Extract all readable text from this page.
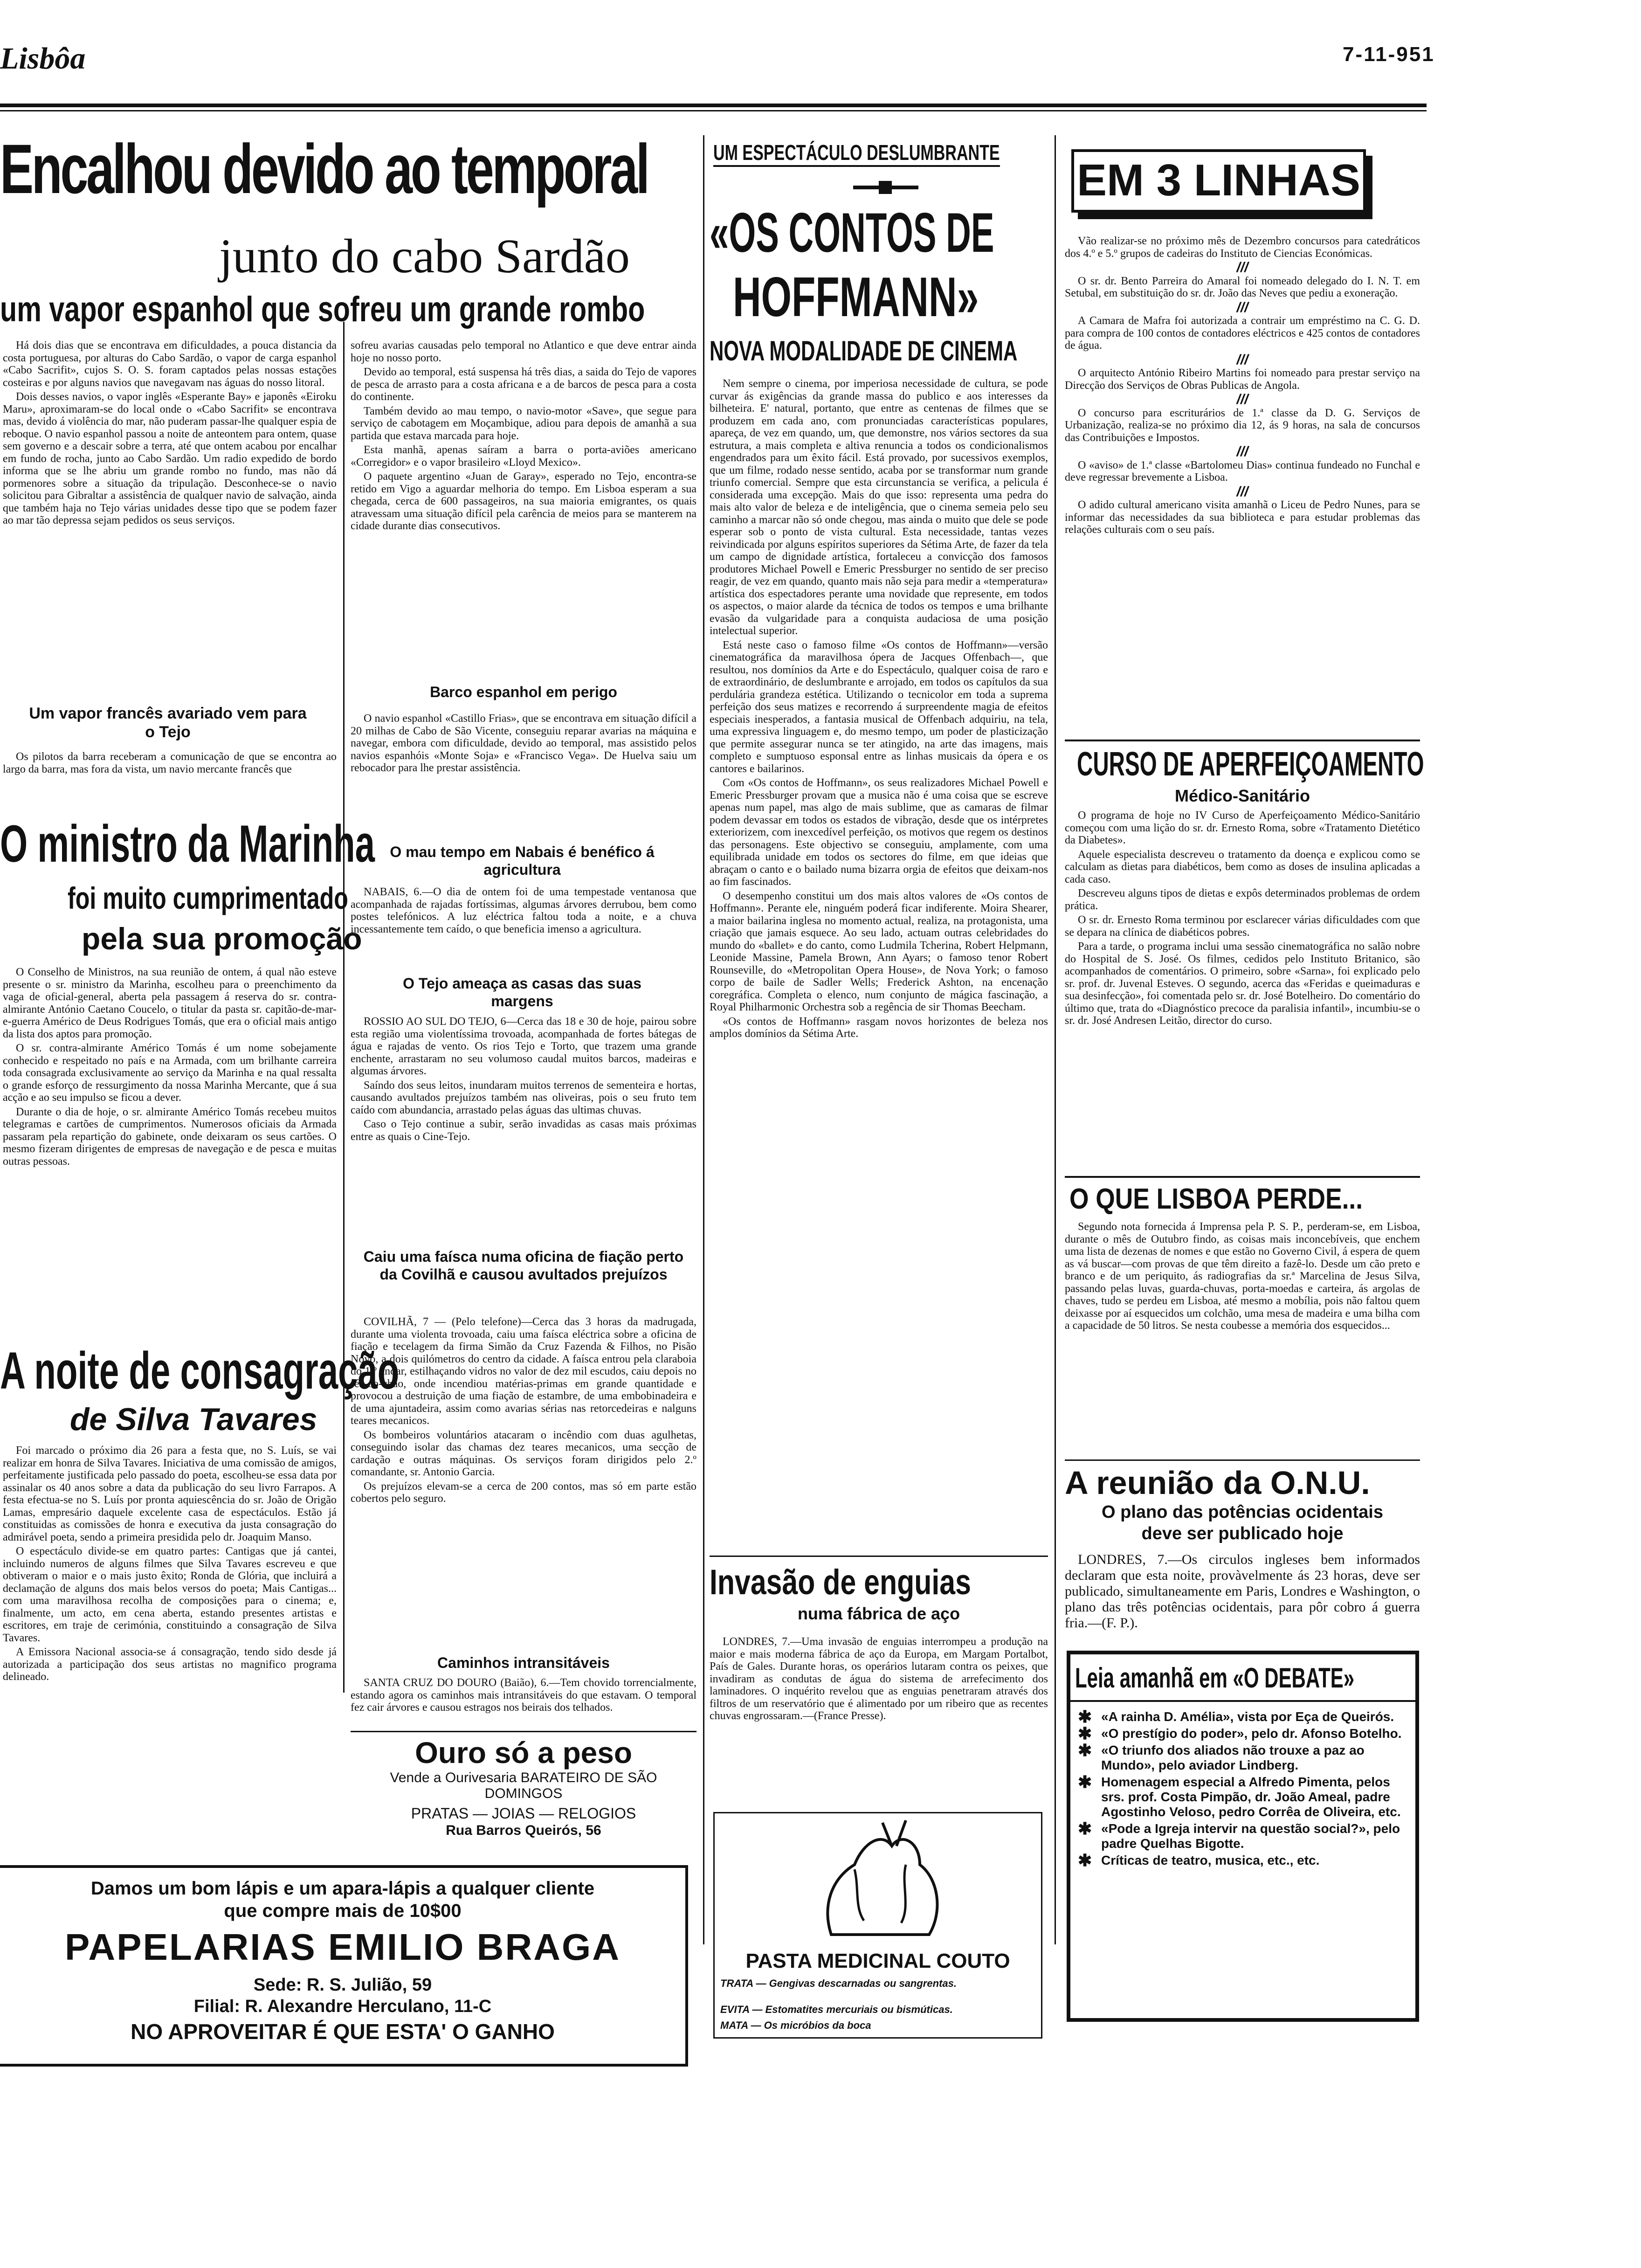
Lisbôa	7-11-951
Encalhou devido ao temporal
junto do cabo Sardão
um vapor espanhol que sofreu um grande rombo

Há dois dias que se encontrava em dificuldades, a pouca distancia da costa portuguesa, por alturas do Cabo Sardão, o vapor de carga espanhol «Cabo Sacrifit», cujos S. O. S. foram captados pelas nossas estações costeiras e por alguns navios que navegavam nas águas do nosso litoral.

Dois desses navios, o vapor inglês «Esperante Bay» e japonês «Eiroku Maru», aproximaram-se do local onde o «Cabo Sacrifit» se encontrava mas, devido á violência do mar, não puderam passar-lhe qualquer espia de reboque. O navio espanhol passou a noite de anteontem para ontem, quase sem governo e a descair sobre a terra, até que ontem acabou por encalhar em fundo de rocha, junto ao Cabo Sardão. Um radio expedido de bordo informa que se lhe abriu um grande rombo no fundo, mas não dá pormenores sobre a situação da tripulação. Desconhece-se o navio solicitou para Gibraltar a assistência de qualquer navio de salvação, ainda que também haja no Tejo várias unidades desse tipo que se podem fazer ao mar tão depressa sejam pedidos os seus serviços.

Um vapor francês avariado vem para o Tejo

Os pilotos da barra receberam a comunicação de que se encontra ao largo da barra, mas fora da vista, um navio mercante francês que

O ministro da Marinha
foi muito cumprimentado
pela sua promoção

O Conselho de Ministros, na sua reunião de ontem, á qual não esteve presente o sr. ministro da Marinha, escolheu para o preenchimento da vaga de oficial-general, aberta pela passagem á reserva do sr. contra-almirante António Caetano Coucelo, o titular da pasta sr. capitão-de-mar-e-guerra Américo de Deus Rodrigues Tomás, que era o oficial mais antigo da lista dos aptos para promoção.

O sr. contra-almirante Américo Tomás é um nome sobejamente conhecido e respeitado no país e na Armada, com um brilhante carreira toda consagrada exclusivamente ao serviço da Marinha e na qual ressalta o grande esforço de ressurgimento da nossa Marinha Mercante, que á sua acção e ao seu impulso se ficou a dever.

Durante o dia de hoje, o sr. almirante Américo Tomás recebeu muitos telegramas e cartões de cumprimentos. Numerosos oficiais da Armada passaram pela repartição do gabinete, onde deixaram os seus cartões. O mesmo fizeram dirigentes de empresas de navegação e de pesca e muitas outras pessoas.

A noite de consagração
de Silva Tavares

Foi marcado o próximo dia 26 para a festa que, no S. Luís, se vai realizar em honra de Silva Tavares. Iniciativa de uma comissão de amigos, perfeitamente justificada pelo passado do poeta, escolheu-se essa data por assinalar os 40 anos sobre a data da publicação do seu livro Farrapos. A festa efectua-se no S. Luís por pronta aquiescência do sr. João de Origão Lamas, empresário daquele excelente casa de espectáculos. Estão já constituidas as comissões de honra e executiva da justa consagração do admirável poeta, sendo a primeira presidida pelo dr. Joaquim Manso.

O espectáculo divide-se em quatro partes: Cantigas que já cantei, incluindo numeros de alguns filmes que Silva Tavares escreveu e que obtiveram o maior e o mais justo êxito; Ronda de Glória, que incluirá a declamação de alguns dos mais belos versos do poeta; Mais Cantigas... com uma maravilhosa recolha de composições para o cinema; e, finalmente, um acto, em cena aberta, estando presentes artistas e escritores, em traje de cerimónia, constituindo a consagração de Silva Tavares.

A Emissora Nacional associa-se á consagração, tendo sido desde já autorizada a participação dos seus artistas no magnifico programa delineado.

sofreu avarias causadas pelo temporal no Atlantico e que deve entrar ainda hoje no nosso porto.

Devido ao temporal, está suspensa há três dias, a saida do Tejo de vapores de pesca de arrasto para a costa africana e a de barcos de pesca para a costa do continente.

Também devido ao mau tempo, o navio-motor «Save», que segue para serviço de cabotagem em Moçambique, adiou para depois de amanhã a sua partida que estava marcada para hoje.

Esta manhã, apenas saíram a barra o porta-aviões americano «Corregidor» e o vapor brasileiro «Lloyd Mexico».

O paquete argentino «Juan de Garay», esperado no Tejo, encontra-se retido em Vigo a aguardar melhoria do tempo. Em Lisboa esperam a sua chegada, cerca de 600 passageiros, na sua maioria emigrantes, os quais atravessam uma situação difícil pela carência de meios para se manterem na cidade durante dias consecutivos.

Barco espanhol em perigo

O navio espanhol «Castillo Frias», que se encontrava em situação difícil a 20 milhas de Cabo de São Vicente, conseguiu reparar avarias na máquina e navegar, embora com dificuldade, devido ao temporal, mas assistido pelos navios espanhóis «Monte Soja» e «Francisco Vega». De Huelva saiu um rebocador para lhe prestar assistência.

O mau tempo em Nabais é benéfico á agricultura

NABAIS, 6.—O dia de ontem foi de uma tempestade ventanosa que acompanhada de rajadas fortíssimas, algumas árvores derrubou, bem como postes telefónicos. A luz eléctrica faltou toda a noite, e a chuva incessantemente tem caído, o que beneficia imenso a agricultura.

O Tejo ameaça as casas das suas margens

ROSSIO AO SUL DO TEJO, 6—Cerca das 18 e 30 de hoje, pairou sobre esta região uma violentíssima trovoada, acompanhada de fortes bátegas de água e rajadas de vento. Os rios Tejo e Torto, que trazem uma grande enchente, arrastaram no seu volumoso caudal muitos barcos, madeiras e algumas árvores.

Saíndo dos seus leitos, inundaram muitos terrenos de sementeira e hortas, causando avultados prejuízos também nas oliveiras, pois o seu fruto tem caído com abundancia, arrastado pelas águas das ultimas chuvas.

Caso o Tejo continue a subir, serão invadidas as casas mais próximas entre as quais o Cine-Tejo.

Caiu uma faísca numa oficina de fiação perto da Covilhã e causou avultados prejuízos

COVILHÃ, 7 — (Pelo telefone)—Cerca das 3 horas da madrugada, durante uma violenta trovoada, caiu uma faísca eléctrica sobre a oficina de fiação e tecelagem da firma Simão da Cruz Fazenda & Filhos, no Pisão Novo, a dois quilómetros do centro da cidade. A faísca entrou pela claraboia do 1.º andar, estilhaçando vidros no valor de dez mil escudos, caiu depois no rés-do-chão, onde incendiou matérias-primas em grande quantidade e provocou a destruição de uma fiação de estambre, de uma embobinadeira e de uma ajuntadeira, assim como avarias sérias nas retorcedeiras e nalguns teares mecanicos.

Os bombeiros voluntários atacaram o incêndio com duas agulhetas, conseguindo isolar das chamas dez teares mecanicos, uma secção de cardação e outras máquinas. Os serviços foram dirigidos pelo 2.º comandante, sr. Antonio Garcia.

Os prejuízos elevam-se a cerca de 200 contos, mas só em parte estão cobertos pelo seguro.

Caminhos intransitáveis

SANTA CRUZ DO DOURO (Baião), 6.—Tem chovido torrencialmente, estando agora os caminhos mais intransitáveis do que estavam. O temporal fez cair árvores e causou estragos nos beirais dos telhados.

Ouro só a peso
Vende a Ourivesaria BARATEIRO DE SÃO DOMINGOS
PRATAS — JOIAS — RELOGIOS
Rua Barros Queirós, 56
UM ESPECTÁCULO DESLUMBRANTE
«OS CONTOS DE
HOFFMANN»
NOVA MODALIDADE DE CINEMA

Nem sempre o cinema, por imperiosa necessidade de cultura, se pode curvar ás exigências da grande massa do publico e aos interesses da bilheteira. E' natural, portanto, que entre as centenas de filmes que se produzem em cada ano, com pronunciadas características populares, apareça, de vez em quando, um, que demonstre, nos vários sectores da sua estrutura, a mais completa e altiva renuncia a todos os condicionalismos engendrados para um êxito fácil. Está provado, por sucessivos exemplos, que um filme, rodado nesse sentido, acaba por se transformar num grande triunfo comercial. Sempre que esta circunstancia se verifica, a pelicula é considerada uma excepção. Mais do que isso: representa uma pedra do mais alto valor de beleza e de inteligência, que o cinema semeia pelo seu caminho a marcar não só onde chegou, mas ainda o muito que dele se pode esperar sob o ponto de vista cultural. Esta necessidade, tantas vezes reivindicada por alguns espíritos superiores da Sétima Arte, de fazer da tela um campo de dignidade artística, fortaleceu a convicção dos famosos produtores Michael Powell e Emeric Pressburger no sentido de ser preciso reagir, de vez em quando, quanto mais não seja para medir a «temperatura» artística dos espectadores perante uma novidade que represente, em todos os aspectos, o maior alarde da técnica de todos os tempos e uma brilhante evasão da vulgaridade para a conquista audaciosa de uma posição intelectual superior.

Está neste caso o famoso filme «Os contos de Hoffmann»—versão cinematográfica da maravilhosa ópera de Jacques Offenbach—, que resultou, nos domínios da Arte e do Espectáculo, qualquer coisa de raro e de extraordinário, de deslumbrante e arrojado, em todos os capítulos da sua perdulária grandeza estética. Utilizando o tecnicolor em toda a suprema perfeição dos seus matizes e recorrendo á surpreendente magia de efeitos especiais inesperados, a fantasia musical de Offenbach adquiriu, na tela, uma expressiva linguagem e, do mesmo tempo, um poder de plasticização que permite assegurar nunca se ter atingido, na arte das imagens, mais completo e sumptuoso esponsal entre as linhas musicais da ópera e os cantores e bailarinos.

Com «Os contos de Hoffmann», os seus realizadores Michael Powell e Emeric Pressburger provam que a musica não é uma coisa que se escreve apenas num papel, mas algo de mais sublime, que as camaras de filmar podem devassar em todos os estados de vibração, desde que os intérpretes exteriorizem, com inexcedível perfeição, os motivos que regem os destinos das personagens. Este objectivo se conseguiu, amplamente, com uma equilibrada unidade em todos os sectores do filme, em que ideias que abraçam o canto e o bailado numa bizarra orgia de efeitos que deixam-nos ao fim fascinados.

O desempenho constitui um dos mais altos valores de «Os contos de Hoffmann». Perante ele, ninguém poderá ficar indiferente. Moira Shearer, a maior bailarina inglesa no momento actual, realiza, na protagonista, uma criação que jamais esquece. Ao seu lado, actuam outras celebridades do mundo do «ballet» e do canto, como Ludmila Tcherina, Robert Helpmann, Leonide Massine, Pamela Brown, Ann Ayars; o famoso tenor Robert Rounseville, do «Metropolitan Opera House», de Nova York; o famoso corpo de baile de Sadler Wells; Frederick Ashton, na encenação coregráfica. Completa o elenco, num conjunto de mágica fascinação, a Royal Philharmonic Orchestra sob a regência de sir Thomas Beecham.

«Os contos de Hoffmann» rasgam novos horizontes de beleza nos amplos domínios da Sétima Arte.

Invasão de enguias
numa fábrica de aço

LONDRES, 7.—Uma invasão de enguias interrompeu a produção na maior e mais moderna fábrica de aço da Europa, em Margam Portalbot, País de Gales. Durante horas, os operários lutaram contra os peixes, que invadiram as condutas de água do sistema de arrefecimento dos laminadores. O inquérito revelou que as enguias penetraram através dos filtros de um reservatório que é alimentado por um ribeiro que as recentes chuvas engrossaram.—(France Presse).

PASTA MEDICINAL COUTO
TRATA — Gengivas descarnadas ou sangrentas.
EVITA — Estomatites mercuriais ou bismúticas.
MATA — Os micróbios da boca
EM 3 LINHAS

Vão realizar-se no próximo mês de Dezembro concursos para catedráticos dos 4.º e 5.º grupos de cadeiras do Instituto de Ciencias Económicas.

///

O sr. dr. Bento Parreira do Amaral foi nomeado delegado do I. N. T. em Setubal, em substituição do sr. dr. João das Neves que pediu a exoneração.

///

A Camara de Mafra foi autorizada a contrair um empréstimo na C. G. D. para compra de 100 contos de contadores eléctricos e 425 contos de contadores de água.

///

O arquitecto António Ribeiro Martins foi nomeado para prestar serviço na Direcção dos Serviços de Obras Publicas de Angola.

///

O concurso para escriturários de 1.ª classe da D. G. Serviços de Urbanização, realiza-se no próximo dia 12, ás 9 horas, na sala de concursos das Contribuições e Impostos.

///

O «aviso» de 1.ª classe «Bartolomeu Dias» continua fundeado no Funchal e deve regressar brevemente a Lisboa.

///

O adido cultural americano visita amanhã o Liceu de Pedro Nunes, para se informar das necessidades da sua biblioteca e para estudar problemas das relações culturais com o seu país.

CURSO DE APERFEIÇOAMENTO
Médico-Sanitário

O programa de hoje no IV Curso de Aperfeiçoamento Médico-Sanitário começou com uma lição do sr. dr. Ernesto Roma, sobre «Tratamento Dietético da Diabetes».

Aquele especialista descreveu o tratamento da doença e explicou como se calculam as dietas para diabéticos, bem como as doses de insulina aplicadas a cada caso.

Descreveu alguns tipos de dietas e expôs determinados problemas de ordem prática.

O sr. dr. Ernesto Roma terminou por esclarecer várias dificuldades com que se depara na clínica de diabéticos pobres.

Para a tarde, o programa inclui uma sessão cinematográfica no salão nobre do Hospital de S. José. Os filmes, cedidos pelo Instituto Britanico, são acompanhados de comentários. O primeiro, sobre «Sarna», foi explicado pelo sr. prof. dr. Juvenal Esteves. O segundo, acerca das «Feridas e queimaduras e sua desinfecção», foi comentada pelo sr. dr. José Botelheiro. Do comentário do último que, trata do «Diagnóstico precoce da paralisia infantil», incumbiu-se o sr. dr. José Andresen Leitão, director do curso.

O QUE LISBOA PERDE...

Segundo nota fornecida á Imprensa pela P. S. P., perderam-se, em Lisboa, durante o mês de Outubro findo, as coisas mais inconcebíveis, que enchem uma lista de dezenas de nomes e que estão no Governo Civil, á espera de quem as vá buscar—com provas de que têm direito a fazê-lo. Desde um cão preto e branco e de um periquito, ás radiografias da sr.ª Marcelina de Jesus Silva, passando pelas luvas, guarda-chuvas, porta-moedas e carteira, ás argolas de chaves, tudo se perdeu em Lisboa, até mesmo a mobília, pois não faltou quem deixasse por aí esquecidos um colchão, uma mesa de madeira e uma bilha com a capacidade de 50 litros. Se nesta coubesse a memória dos esquecidos...

A reunião da O.N.U.
O plano das potências ocidentais deve ser publicado hoje

LONDRES, 7.—Os circulos ingleses bem informados declaram que esta noite, provàvelmente ás 23 horas, deve ser publicado, simultaneamente em Paris, Londres e Washington, o plano das três potências ocidentais, para pôr cobro á guerra fria.—(F. P.).

Leia amanhã em «O DEBATE»
✱ «A rainha D. Amélia», vista por Eça de Queirós.
✱ «O prestígio do poder», pelo dr. Afonso Botelho.
✱ «O triunfo dos aliados não trouxe a paz ao Mundo», pelo aviador Lindberg.
✱ Homenagem especial a Alfredo Pimenta, pelos srs. prof. Costa Pimpão, dr. João Ameal, padre Agostinho Veloso, pedro Corrêa de Oliveira, etc.
✱ «Pode a Igreja intervir na questão social?», pelo padre Quelhas Bigotte.
✱ Críticas de teatro, musica, etc., etc.
Damos um bom lápis e um apara-lápis a qualquer cliente
que compre mais de 10$00
PAPELARIAS EMILIO BRAGA
Sede: R. S. Julião, 59
Filial: R. Alexandre Herculano, 11-C
NO APROVEITAR É QUE ESTA' O GANHO
